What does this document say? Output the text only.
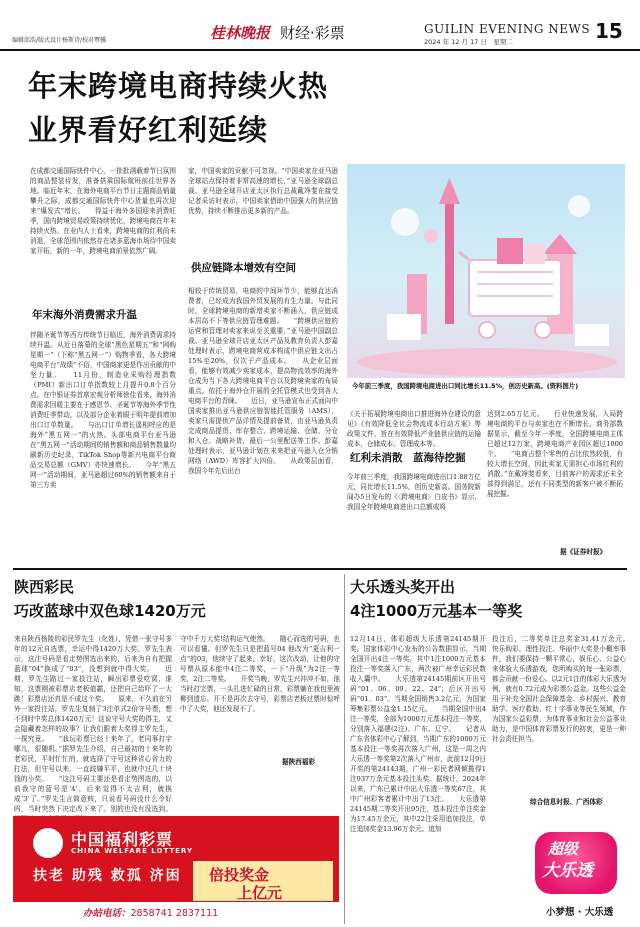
编辑邱浩/版式设计杨斯诗/校对覃骥	桂林晚报 财经·彩票	GUILIN EVENING NEWS
2024 年 12 月 17 日　星期二	15
年末跨境电商持续火热
业界看好红利延续
在成都交通国际快件中心，一批批满载着节日氛围的商品整装待发，准备搭乘国际航班前往世界各地。临近年末，在海外电商平台节日主题商品销量攀升之际，成都交通国际快件中心货量也再次迎来“爆发式”增长。　　得益于海外多国迎来消费旺季，国内跨境贸易政策持续优化，跨境电商在年末持续火热。在业内人士看来，跨境电商的红利尚未消退，全球范围内依然存在诸多蓝海市场待中国卖家开拓，新的一年，跨境电商前景依然广阔。
年末海外消费需求升温
伴随圣诞节等西方传统节日临近，海外消费需求持续升温。从近日落幕的全球“黑色星期五”和“网购星期一”（下称“黑五网一”）购物季看，各大跨境电商平台“战绩”不俗，中国商家更是作出贡献的中坚力量。　　11月份，制造业采购经理指数（PMI）新出口订单指数较上月提升0.8个百分点。在中银证券首席宏观分析师徐佳看来，海外消费需求回暖主要在于感恩节、圣诞节等海外季节性消费旺季带动，以及部分企业着眼于明年提前增加出口订单数量。　　与出口订单增长遥相呼应的是海外“黑五网一”的火热。头部电商平台亚马逊在“黑五网一”活动期间的销售额和商品销售数量均刷新历史纪录，TikTok Shop等新兴电商平台商品交易总额（GMV）亦快速增长。　　今年“黑五网一”活动期间，亚马逊超过60%的销售额来自于第三方卖
家，中国卖家的贡献不可忽视。“中国卖家在亚马逊全球站点保持着非常高速的增长，”亚马逊全球副总裁、亚马逊全球开店亚太区执行总裁戴竫斐在接受记者采访时表示，中国卖家借助中国强大的供应链优势，持续不断推出更多新的产品。
供应链降本增效有空间
相较于传统贸易，电商的中间环节少，能够直达消费者，已经成为我国外贸发展的有生力量。与此同时，全球跨境电商的新增卖家不断涌入，供应链成本居高不下等供应链管理难题。　　“跨境供应链的运营和管理对卖家来说至关重要，”亚马逊中国副总裁、亚马逊全球开店亚太区产品及教育负责人彭嘉处理时表示，跨境电商营成本构成中供应链支出占15%至20%，仅次于产品成本。　　从企业层面看，能够有效减少卖家成本，提高物流效率的海外仓成为当下各大跨境电商平台以及跨境卖家的布局重点。依托于海外仓开展的全托管模式也受到各大电商平台的青睐。　　近日，亚马逊宣布正式面向中国卖家推出亚马逊供应链智能托管服务（AMS），卖家只需提供产品详情及提前备货，由亚马逊负责完成商品提货、库存整合、跨境运输、仓储、分仓和入仓、战略补货，最后一公里配送等工作。彭嘉处理时表示，亚马逊计划在未来把亚马逊入仓分销网络（AWD）库容扩大四倍。　　从政策层面看，我国今年先后出台
今年前三季度，我国跨境电商进出口同比增长11.5%，创历史新高。(资料图片)
《关于拓展跨境电商出口推进海外仓建设的意见》《有效降低全社会物流成本行动方案》等政策文件，旨在有效降低产业链供应链的运输成本、仓储成本、管理成本等。
红利未消散　蓝海待挖掘
今年前三季度，我国跨境电商进出口1.88万亿元，同比增长11.5%，创历史新高。国务院新闻办5日发布的《〈跨境电商〉白皮书》显示，我国全年跨境电商进出口总额或将
达到2.65万亿元。　　行业快速发展，入局跨境电商的平台与卖家也在不断增长，商务部数据显示，截至今年一季度，全国跨境电商主体已超过12万家，跨境电商产业园区超过1000个。　　“电商占整个零售的占比依然较低，有较大增长空间，因此卖家无需担心市场红利的消散。”在戴竫斐看来，目前客户的需求还未全部得到满足，还有不同类型的新客户被不断拓展挖掘。
据《证券时报》
陕西彩民
巧改蓝球中双色球1420万元
来自陕西杨陵的彩民罗先生（化姓），凭借一张守号多年的12元自选票，幸运中得1420万大奖。罗先生表示，这注号码是看走势图选出来的，后来为自有把握蓝球“04”换成了“03”，没想到就中得大奖。　　近期，罗先生路过一家投注站，瞬出彩票爱吃窝，谁知，这票刚被彩票店老板值霸，还把自己给吓了一大跳！彩票店还真是不成这个奖。　　原来，不久前在另外一家投注站，罗先生复制了3注单式2倍守号票，想不到时中奖总体1420万元！这说守号大奖的得主，又会隐藏着怎样的故事？让我们跟着大奖得主罗先生，一探究竟。　　“我玩彩票已经十来年了，老同事打字哪儿，很随机。”据罗先生介绍，自己最初的十来年的老彩民，平时忙忙的，就选择了守号这种省心省力的打法，但守号以来，一直歧嫌平平，也就中过几十块钱的小奖。　　“这注号码主要还是看走势图选的，以前我守的蓝号是‘4’，后来觉得不太吉利，就换成‘3’了。”罗先生言简意赅，只说看号码没什么令好吗，当时突然下决定改下来了。别的也没有没选到。
守中千万大奖!结构运气使然。　　随心而选的号码，也可以看懂。但罗先生只是把蓝号04 他改为“更吉利一点”的03，他续守了起来。幸好，这次改动，让他的守号票从原本能中4注二等奖，一下“升级”为2注一等奖，2注二等奖。　　开奖当晚，罗先生兴冲冲不如，他当时打完票，一头扎进忙碌的日常，彩票躺在我包里被柳到遗忘。开不是再次去守号，彩票店老板过票时惊呼中了大奖，他还发现不了。
据陕西福彩
中国福利彩票
CHINA WELFARE LOTTERY
扶老 助残 救孤 济困 倍投奖金
上亿元
办站电话：2858741 2837111
大乐透头奖开出
4注1000万元基本一等奖
12月14日，体彩超级大乐透第24145期开奖。国家体彩中心发布的公告数据显示，当期全国开出4注一等奖，其中1注1000万元基本投注一等奖落入广东，两次被广州幸运彩民数收入囊中。　　大乐透第24145期前区开出号码“01、06、09、22、24”；后区开出号码“01、03”。当期全国销售3.2亿元，为国家筹集彩票公益金1.15亿元。　　当期全国中出4注一等奖，全部为1000万元基本投注一等奖，分别落入福建(2注)、广东、辽宁。　　记者从广东省体彩中心了解到，当期广东的1000万元基本投注一等奖再次落入广州，这是一周之内大乐透一等奖第2次落入广州市，此前12月9日开奖的第24143期，广州一彩民者网倾揽得1注937万余元基本投注头奖。据统计，2024年以来，广东已累计中出大乐透一等奖67注，其中广州彩客者累计中出了13注。　　大乐透第24145期二等奖开出95注，基本投注单注奖金为17.45万余元，其中22注采用追加投注，单注追加奖金13.96万余元。追加
投注后，二等奖单注总奖金31.41万余元。　　快乐购彩，理性投注。华丽中大奖是小概率事件，我们要保持一颗平常心，娱乐心、公益心来体验大乐透游戏，您所购买的每一张彩票，都会贡献一份爱心。以2元1注的体彩大乐透为例，就有0.72元成为彩票公益金。这些公益金用于补充全国社会保障基金、乡村振兴、教育助学、医疗救助、红十字事业等民生领域，作为国家公益彩票，为体育事业和社会公益事业助力，是中国体育彩票发行的初衷，更是一种社会责任担当。
综合信息时报、广西体彩
超级
大乐透
小梦想 · 大乐透
